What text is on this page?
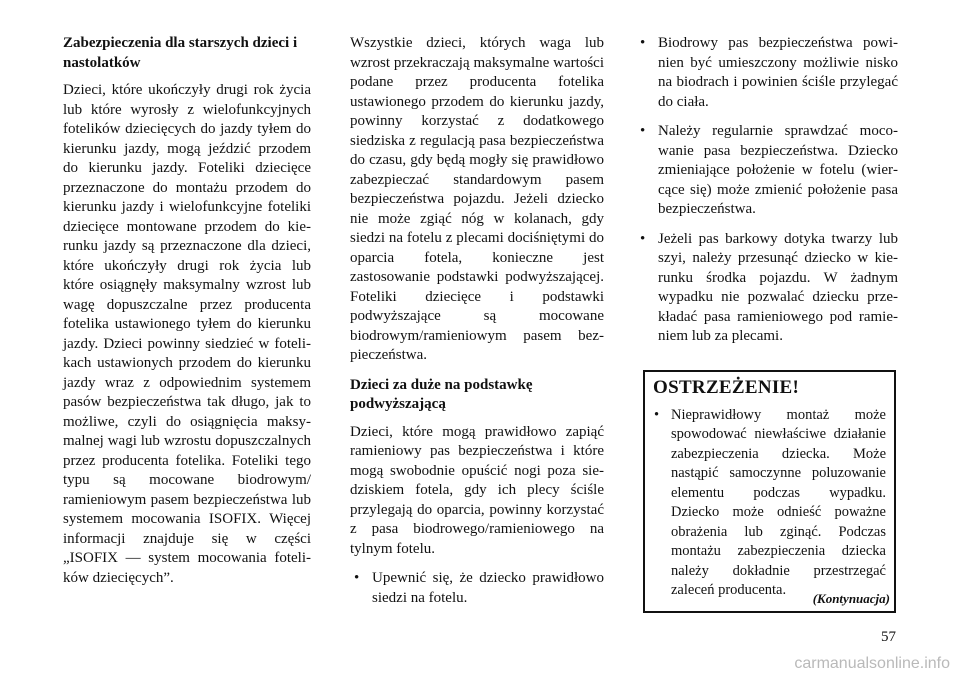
Zabezpieczenia dla starszych dzieci i nastolatków

Dzieci, które ukończyły drugi rok życia lub które wyrosły z wielofunkcyjnych fotelików dziecięcych do jazdy tyłem do kierunku jazdy, mogą jeździć przodem do kierunku jazdy. Foteliki dziecięce przeznaczone do montażu przodem do kierunku jazdy i wielofunkcyjne foteliki dziecięce montowane przodem do kierunku jazdy są przeznaczone dla dzieci, które ukończyły drugi rok życia lub które osiągnęły maksymalny wzrost lub wagę dopuszczalne przez producenta fotelika ustawionego tyłem do kierunku jazdy. Dzieci powinny siedzieć w fotelikach ustawionych przodem do kierunku jazdy wraz z odpowiednim systemem pasów bezpieczeństwa tak długo, jak to możliwe, czyli do osiągnięcia maksymalnej wagi lub wzrostu dopuszczalnych przez producenta fotelika. Foteliki tego typu są mocowane biodrowym/ ramieniowym pasem bezpieczeństwa lub systemem mocowania ISOFIX. Więcej informacji znajduje się w części „ISOFIX — system mocowania fotelików dziecięcych”.

Wszystkie dzieci, których waga lub wzrost przekraczają maksymalne wartości podane przez producenta fotelika ustawionego przodem do kierunku jazdy, powinny korzystać z dodatkowego siedziska z regulacją pasa bezpieczeństwa do czasu, gdy będą mogły się prawidłowo zabezpieczać standardowym pasem bezpieczeństwa pojazdu. Jeżeli dziecko nie może zgiąć nóg w kolanach, gdy siedzi na fotelu z plecami dociśniętymi do oparcia fotela, konieczne jest zastosowanie podstawki podwyższającej. Foteliki dziecięce i podstawki podwyższające są mocowane biodrowym/ramieniowym pasem bezpieczeństwa.

Dzieci za duże na podstawkę podwyższającą

Dzieci, które mogą prawidłowo zapiąć ramieniowy pas bezpieczeństwa i które mogą swobodnie opuścić nogi poza siedziskiem fotela, gdy ich plecy ściśle przylegają do oparcia, powinny korzystać z pasa biodrowego/ramieniowego na tylnym fotelu.

• Upewnić się, że dziecko prawidłowo siedzi na fotelu.
• Biodrowy pas bezpieczeństwa powinien być umieszczony możliwie nisko na biodrach i powinien ściśle przylegać do ciała.
• Należy regularnie sprawdzać mocowanie pasa bezpieczeństwa. Dziecko zmieniające położenie w fotelu (wiercące się) może zmienić położenie pasa bezpieczeństwa.
• Jeżeli pas barkowy dotyka twarzy lub szyi, należy przesunąć dziecko w kierunku środka pojazdu. W żadnym wypadku nie pozwalać dziecku przekładać pasa ramieniowego pod ramieniem lub za plecami.
OSTRZEŻENIE!
• Nieprawidłowy montaż może spowodować niewłaściwe działanie zabezpieczenia dziecka. Może nastąpić samoczynne poluzowanie elementu podczas wypadku. Dziecko może odnieść poważne obrażenia lub zginąć. Podczas montażu zabezpieczenia dziecka należy dokładnie przestrzegać zaleceń producenta.
(Kontynuacja)
57
carmanualsonline.info
